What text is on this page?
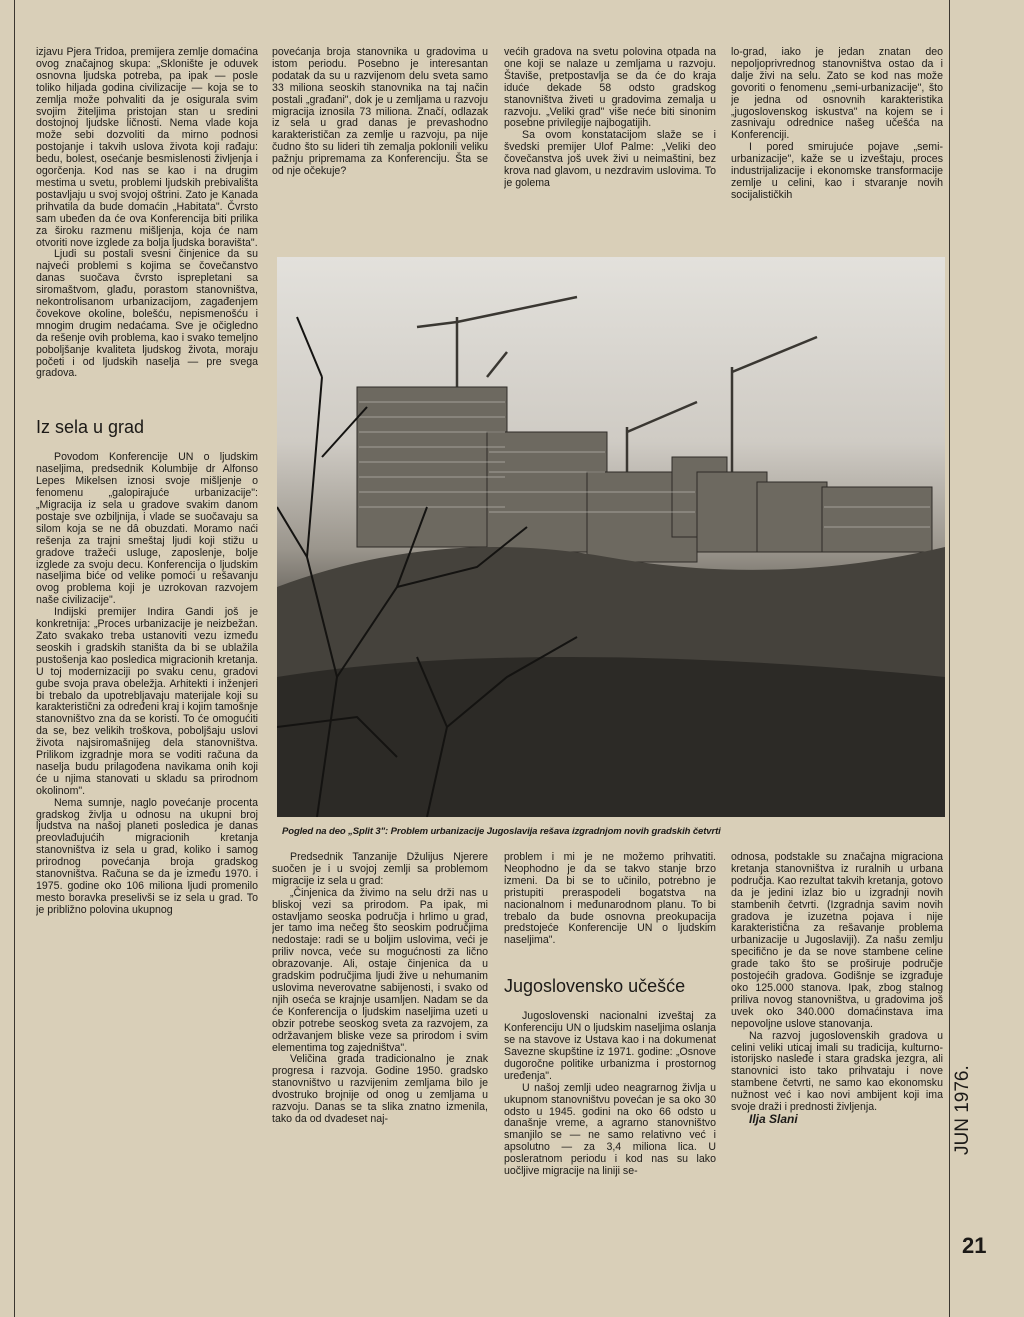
izjavu Pjera Tridoa, premijera zemlje domaćina ovog značajnog skupa: „Sklonište je oduvek osnovna ljudska potreba, pa ipak — posle toliko hiljada godina civilizacije — koja se to zemlja može pohvaliti da je osigurala svim svojim žiteljima pristojan stan u sredini dostojnoj ljudske ličnosti. Nema vlade koja može sebi dozvoliti da mirno podnosi postojanje i takvih uslova života koji rađaju: bedu, bolest, osećanje besmislenosti življenja i ogorčenja. Kod nas se kao i na drugim mestima u svetu, problemi ljudskih prebivališta postavljaju u svoj svojoj oštrini. Zato je Kanada prihvatila da bude domaćin „Habitata". Čvrsto sam ubeđen da će ova Konferencija biti prilika za široku razmenu mišljenja, koja će nam otvoriti nove izglede za bolja ljudska boravišta".

Ljudi su postali svesni činjenice da su najveći problemi s kojima se čovečanstvo danas suočava čvrsto isprepletani sa siromaštvom, glađu, porastom stanovništva, nekontrolisanom urbanizacijom, zagađenjem čovekove okoline, bolešću, nepismenošću i mnogim drugim nedaćama. Sve je očigledno da rešenje ovih problema, kao i svako temeljno poboljšanje kvaliteta ljudskog života, moraju početi i od ljudskih naselja — pre svega gradova.

Iz sela u grad

Povodom Konferencije UN o ljudskim naseljima, predsednik Kolumbije dr Alfonso Lepes Mikelsen iznosi svoje mišljenje o fenomenu „galopirajuće urbanizacije": „Migracija iz sela u gradove svakim danom postaje sve ozbiljnija, i vlade se suočavaju sa silom koja se ne dâ obuzdati. Moramo naći rešenja za trajni smeštaj ljudi koji stižu u gradove tražeći usluge, zaposlenje, bolje izglede za svoju decu. Konferencija o ljudskim naseljima biće od velike pomoći u rešavanju ovog problema koji je uzrokovan razvojem naše civilizacije".

Indijski premijer Indira Gandi još je konkretnija: „Proces urbanizacije je neizbežan. Zato svakako treba ustanoviti vezu između seoskih i gradskih staništa da bi se ublažila pustošenja kao posledica migracionih kretanja. U toj modernizaciji po svaku cenu, gradovi gube svoja prava obeležja. Arhitekti i inženjeri bi trebalo da upotrebljavaju materijale koji su karakteristični za određeni kraj i kojim tamošnje stanovništvo zna da se koristi. To će omogućiti da se, bez velikih troškova, poboljšaju uslovi života najsiromašnijeg dela stanovništva. Prilikom izgradnje mora se voditi računa da naselja budu prilagođena navikama onih koji će u njima stanovati u skladu sa prirodnom okolinom".

Nema sumnje, naglo povećanje procenta gradskog življa u odnosu na ukupni broj ljudstva na našoj planeti posledica je danas preovlađujućih migracionih kretanja stanovništva iz sela u grad, koliko i samog prirodnog povećanja broja gradskog stanovništva. Računa se da je između 1970. i 1975. godine oko 106 miliona ljudi promenilo mesto boravka preselivši se iz sela u grad. To je približno polovina ukupnog

povećanja broja stanovnika u gradovima u istom periodu. Posebno je interesantan podatak da su u razvijenom delu sveta samo 33 miliona seoskih stanovnika na taj način postali „građani", dok je u zemljama u razvoju migracija iznosila 73 miliona. Značí, odlazak iz sela u grad danas je prevashodno karakterističan za zemlje u razvoju, pa nije čudno što su lideri tih zemalja poklonili veliku pažnju pripremama za Konferenciju. Šta se od nje očekuje?

većih gradova na svetu polovina otpada na one koji se nalaze u zemljama u razvoju. Štaviše, pretpostavlja se da će do kraja iduće dekade 58 odsto gradskog stanovništva živeti u gradovima zemalja u razvoju. „Veliki grad" više neće biti sinonim posebne privilegije najbogatijih.

Sa ovom konstatacijom slaže se i švedski premijer Ulof Palme: „Veliki deo čovečanstva još uvek živi u neimaštini, bez krova nad glavom, u nezdravim uslovima. To je golema

lo-grad, iako je jedan znatan deo nepoljoprivrednog stanovništva ostao da i dalje živi na selu. Zato se kod nas može govoriti o fenomenu „semi-urbanizacije", što je jedna od osnovnih karakteristika „jugoslovenskog iskustva" na kojem se i zasnivaju odrednice našeg učešća na Konferenciji.

I pored smirujuće pojave „semi-urbanizacije", kaže se u izveštaju, proces industrijalizacije i ekonomske transformacije zemlje u celini, kao i stvaranje novih socijalističkih

Pogled na deo „Split 3": Problem urbanizacije Jugoslavija rešava izgradnjom novih gradskih četvrti

Predsednik Tanzanije Džulijus Njerere suočen je i u svojoj zemlji sa problemom migracije iz sela u grad:

„Činjenica da živimo na selu drži nas u bliskoj vezi sa prirodom. Pa ipak, mi ostavljamo seoska područja i hrlimo u grad, jer tamo ima nečeg što seoskim područjima nedostaje: radi se u boljim uslovima, veći je priliv novca, veće su mogućnosti za lično obrazovanje. Ali, ostaje činjenica da u gradskim područjima ljudi žive u nehumanim uslovima neverovatne sabijenosti, i svako od njih oseća se krajnje usamljen. Nadam se da će Konferencija o ljudskim naseljima uzeti u obzir potrebe seoskog sveta za razvojem, za održavanjem bliske veze sa prirodom i svim elementima tog zajedništva".

Veličina grada tradicionalno je znak progresa i razvoja. Godine 1950. gradsko stanovništvo u razvijenim zemljama bilo je dvostruko brojnije od onog u zemljama u razvoju. Danas se ta slika znatno izmenila, tako da od dvadeset naj-

problem i mi je ne možemo prihvatiti. Neophodno je da se takvo stanje brzo izmeni. Da bi se to učinilo, potrebno je pristupiti preraspodeli bogatstva na nacionalnom i međunarodnom planu. To bi trebalo da bude osnovna preokupacija predstojeće Konferencije UN o ljudskim naseljima".

Jugoslovensko učešće

Jugoslovenski nacionalni izveštaj za Konferenciju UN o ljudskim naseljima oslanja se na stavove iz Ustava kao i na dokumenat Savezne skupštine iz 1971. godine: „Osnove dugoročne politike urbanizma i prostornog uređenja".

U našoj zemlji udeo neagrarnog življa u ukupnom stanovništvu povećan je sa oko 30 odsto u 1945. godini na oko 66 odsto u današnje vreme, a agrarno stanovništvo smanjilo se — ne samo relativno već i apsolutno — za 3,4 miliona lica. U posleratnom periodu i kod nas su lako uočljive migracije na liniji se-

odnosa, podstakle su značajna migraciona kretanja stanovništva iz ruralnih u urbana područja. Kao rezultat takvih kretanja, gotovo da je jedini izlaz bio u izgradnji novih stambenih četvrti. (Izgradnja savim novih gradova je izuzetna pojava i nije karakteristična za rešavanje problema urbanizacije u Jugoslaviji). Za našu zemlju specifično je da se nove stambene celine grade tako što se proširuje područje postojećih gradova. Godišnje se izgrađuje oko 125.000 stanova. Ipak, zbog stalnog priliva novog stanovništva, u gradovima još uvek oko 340.000 domaćinstava ima nepovoljne uslove stanovanja.

Na razvoj jugoslovenskih gradova u celini veliki uticaj imali su tradicija, kulturno-istorijsko nasleđe i stara gradska jezgra, ali stanovnici isto tako prihvataju i nove stambene četvrti, ne samo kao ekonomsku nužnost već i kao novi ambijent koji ima svoje draži i prednosti življenja.

Ilja Slani	JUN 1976.
21
